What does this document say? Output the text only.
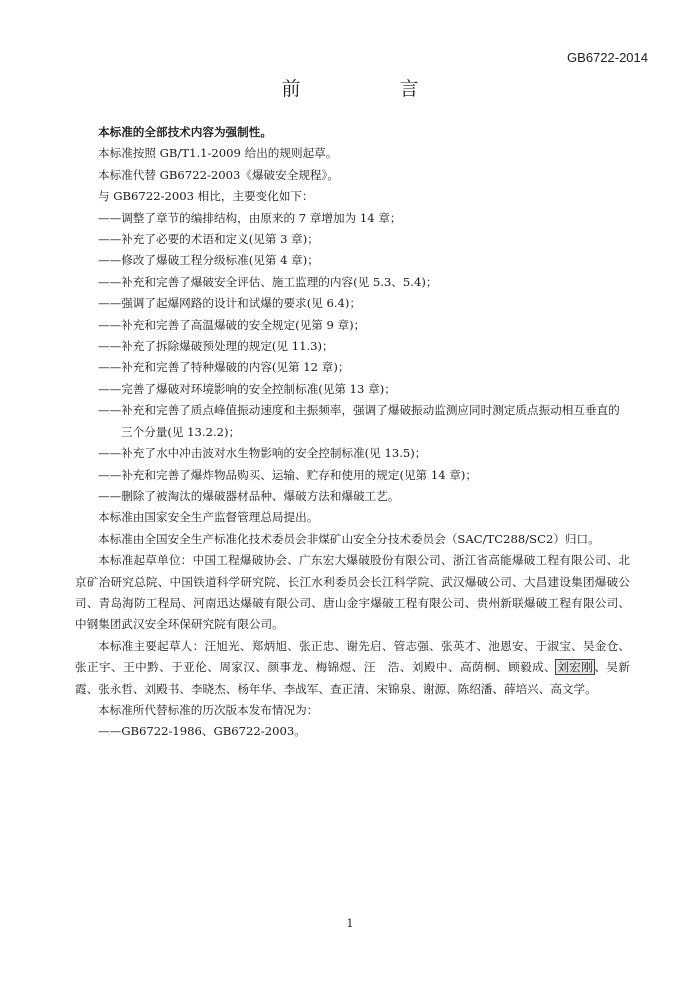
GB6722-2014
前　言

本标准的全部技术内容为强制性。

本标准按照 GB/T1.1-2009 给出的规则起草。

本标准代替 GB6722-2003《爆破安全规程》。

与 GB6722-2003 相比，主要变化如下：

——调整了章节的编排结构，由原来的 7 章增加为 14 章；

——补充了必要的术语和定义(见第 3 章)；

——修改了爆破工程分级标准(见第 4 章)；

——补充和完善了爆破安全评估、施工监理的内容(见 5.3、5.4)；

——强调了起爆网路的设计和试爆的要求(见 6.4)；

——补充和完善了高温爆破的安全规定(见第 9 章)；

——补充了拆除爆破预处理的规定(见 11.3)；

——补充和完善了特种爆破的内容(见第 12 章)；

——完善了爆破对环境影响的安全控制标准(见第 13 章)；

——补充和完善了质点峰值振动速度和主振频率，强调了爆破振动监测应同时测定质点振动相互垂直的三个分量(见 13.2.2)；

——补充了水中冲击波对水生物影响的安全控制标准(见 13.5)；

——补充和完善了爆炸物品购买、运输、贮存和使用的规定(见第 14 章)；

——删除了被淘汰的爆破器材品种、爆破方法和爆破工艺。

本标准由国家安全生产监督管理总局提出。

本标准由全国安全生产标准化技术委员会非煤矿山安全分技术委员会（SAC/TC288/SC2）归口。

本标准起草单位：中国工程爆破协会、广东宏大爆破股份有限公司、浙江省高能爆破工程有限公司、北京矿冶研究总院、中国铁道科学研究院、长江水利委员会长江科学院、武汉爆破公司、大昌建设集团爆破公司、青岛海防工程局、河南迅达爆破有限公司、唐山金宇爆破工程有限公司、贵州新联爆破工程有限公司、中钢集团武汉安全环保研究院有限公司。

本标准主要起草人：汪旭光、郑炳旭、张正忠、谢先启、管志强、张英才、池恩安、于淑宝、吴金仓、张正宇、王中黔、于亚伦、周家汉、颜事龙、梅锦煜、汪　浩、刘殿中、高荫桐、顾毅成、刘宏刚、吴新霞、张永哲、刘殿书、李晓杰、杨年华、李战军、查正清、宋锦泉、谢源、陈绍潘、薛培兴、高文学。

本标准所代替标准的历次版本发布情况为：

——GB6722-1986、GB6722-2003。

1
